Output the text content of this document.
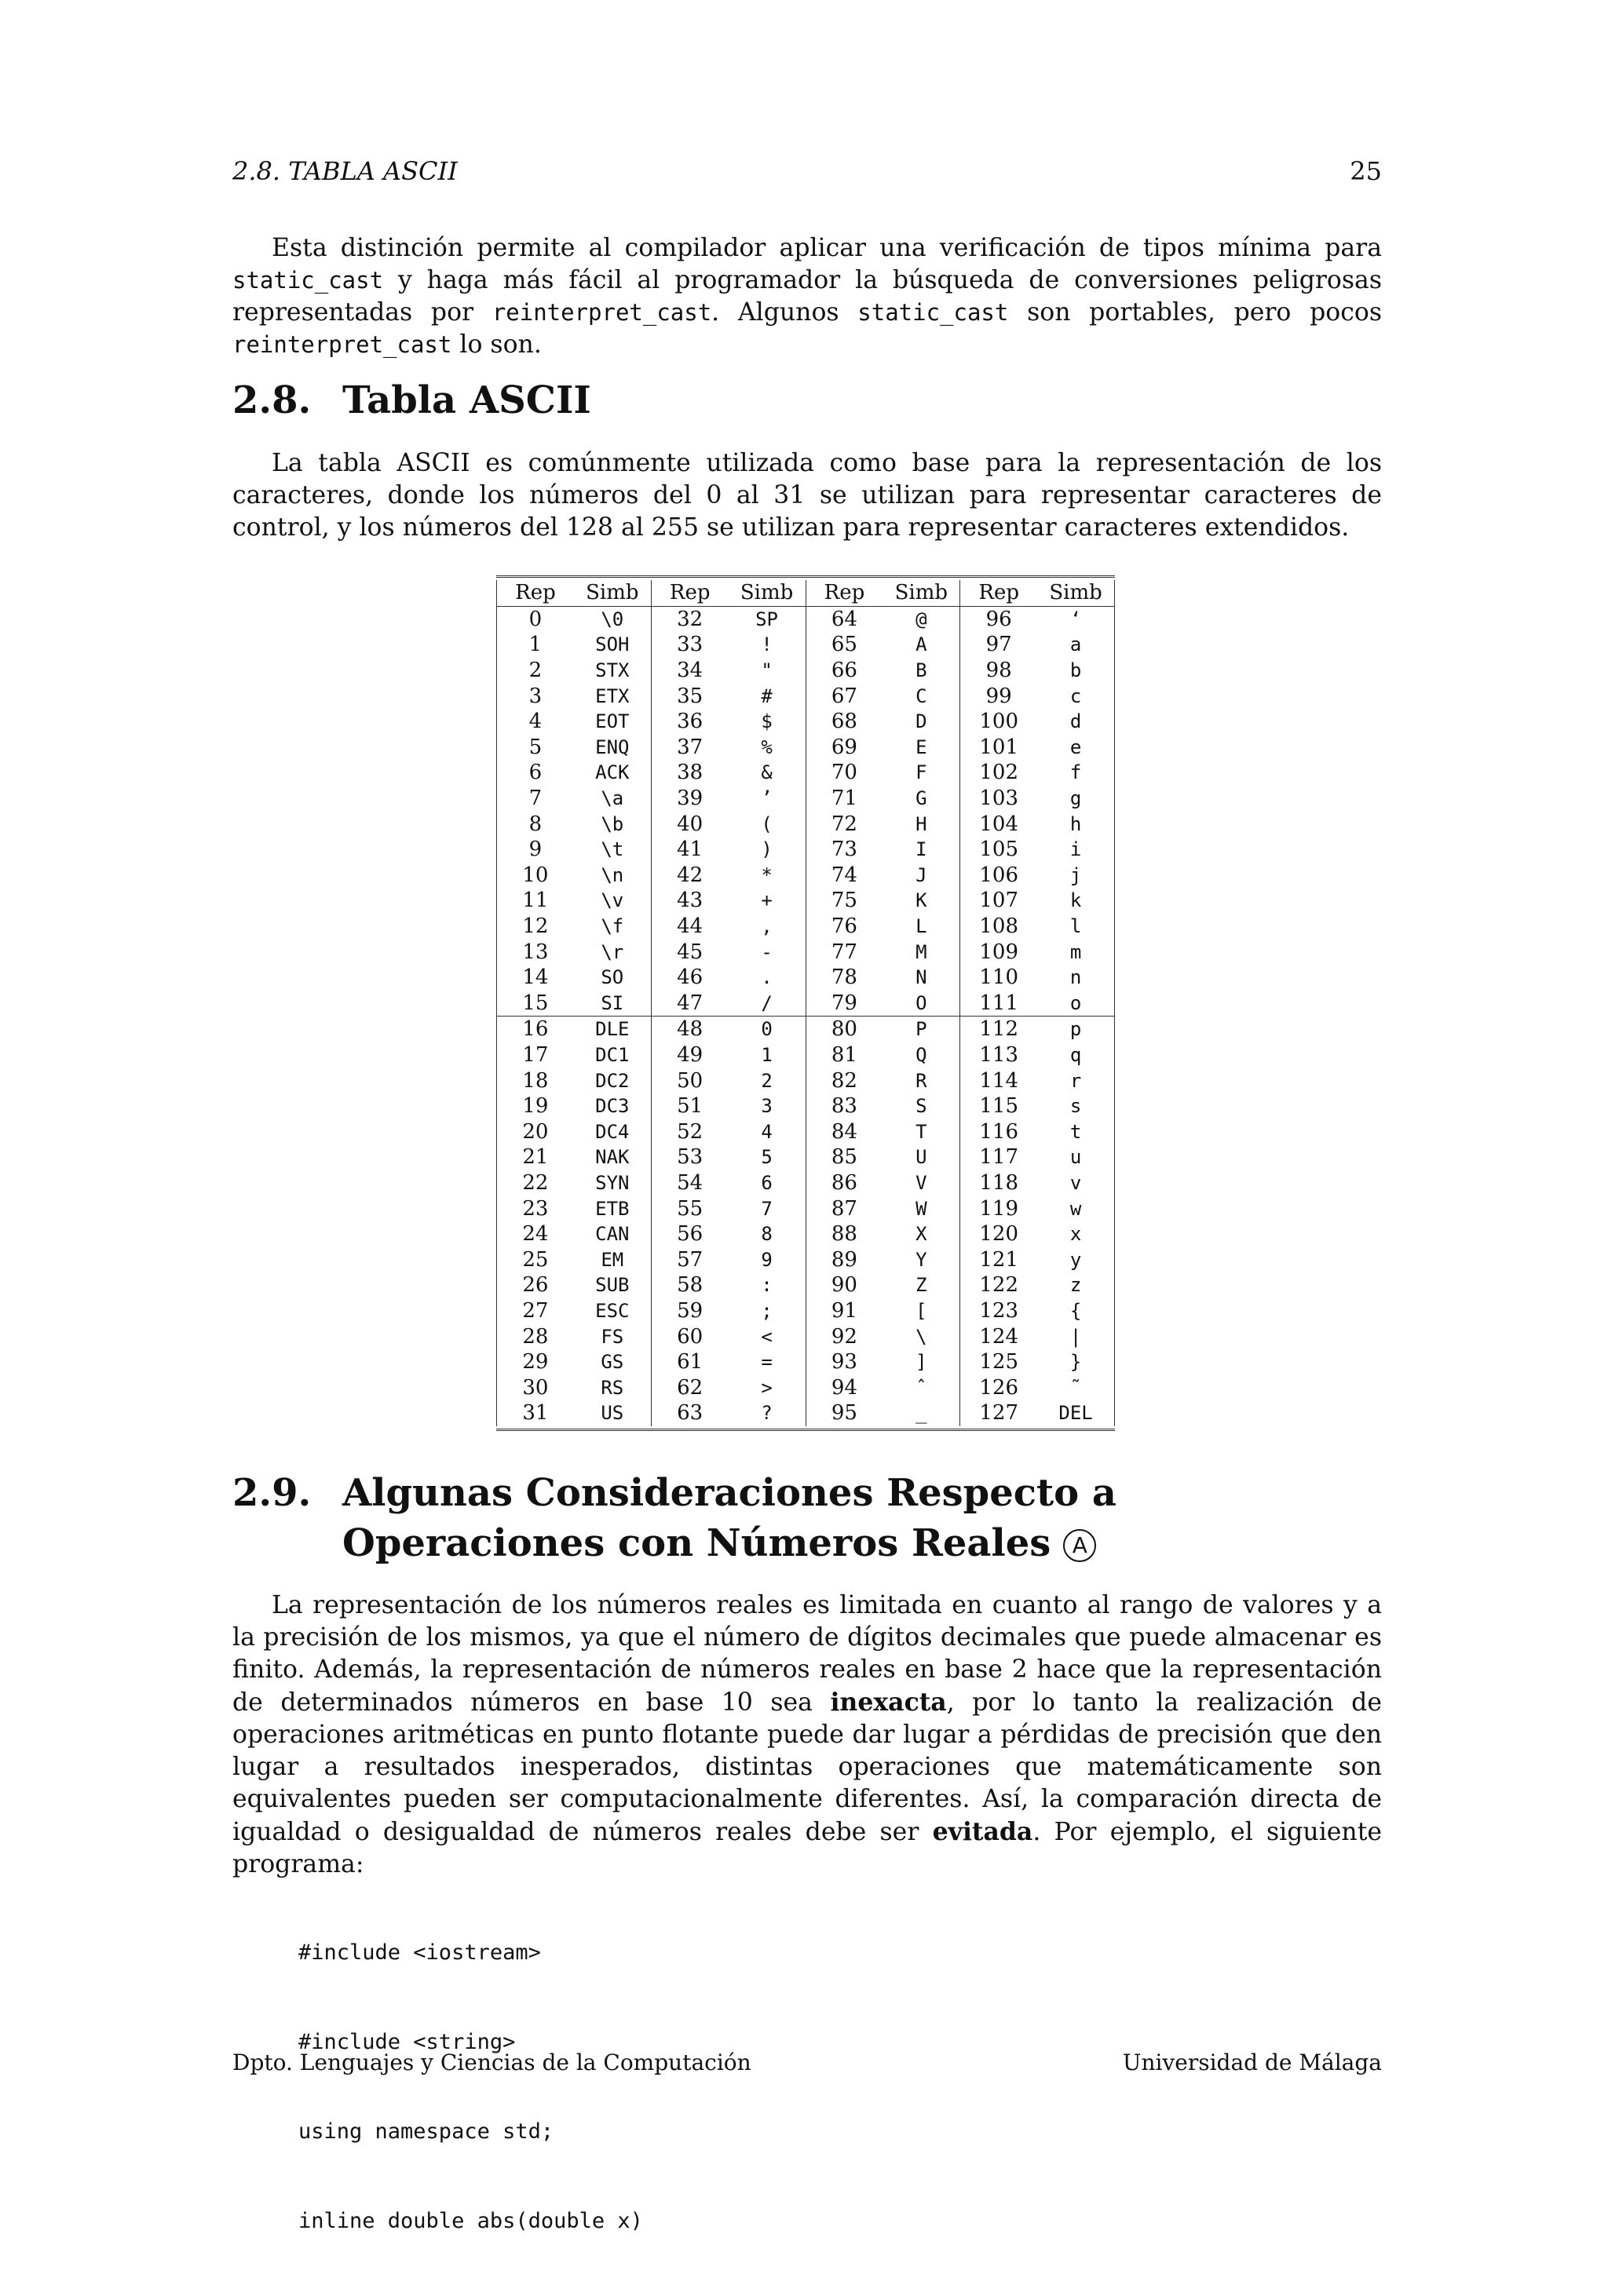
2.8. TABLA ASCII	25

Esta distinción permite al compilador aplicar una verificación de tipos mínima para static_cast y haga más fácil al programador la búsqueda de conversiones peligrosas representadas por reinterpret_cast. Algunos static_cast son portables, pero pocos reinterpret_cast lo son.

2.8. Tabla ASCII

La tabla ASCII es comúnmente utilizada como base para la representación de los caracteres, donde los números del 0 al 31 se utilizan para representar caracteres de control, y los números del 128 al 255 se utilizan para representar caracteres extendidos.

Rep	Simb	Rep	Simb	Rep	Simb	Rep	Simb
0	\0	32	SP	64	@	96	‘
1	SOH	33	!	65	A	97	a
2	STX	34	"	66	B	98	b
3	ETX	35	#	67	C	99	c
4	EOT	36	$	68	D	100	d
5	ENQ	37	%	69	E	101	e
6	ACK	38	&	70	F	102	f
7	\a	39	’	71	G	103	g
8	\b	40	(	72	H	104	h
9	\t	41	)	73	I	105	i
10	\n	42	*	74	J	106	j
11	\v	43	+	75	K	107	k
12	\f	44	,	76	L	108	l
13	\r	45	-	77	M	109	m
14	SO	46	.	78	N	110	n
15	SI	47	/	79	O	111	o
16	DLE	48	0	80	P	112	p
17	DC1	49	1	81	Q	113	q
18	DC2	50	2	82	R	114	r
19	DC3	51	3	83	S	115	s
20	DC4	52	4	84	T	116	t
21	NAK	53	5	85	U	117	u
22	SYN	54	6	86	V	118	v
23	ETB	55	7	87	W	119	w
24	CAN	56	8	88	X	120	x
25	EM	57	9	89	Y	121	y
26	SUB	58	:	90	Z	122	z
27	ESC	59	;	91	[	123	{
28	FS	60	<	92	\	124	|
29	GS	61	=	93	]	125	}
30	RS	62	>	94	ˆ	126	˜
31	US	63	?	95	_	127	DEL
2.9. Algunas Consideraciones Respecto a Operaciones con Números Reales A

La representación de los números reales es limitada en cuanto al rango de valores y a la precisión de los mismos, ya que el número de dígitos decimales que puede almacenar es finito. Además, la representación de números reales en base 2 hace que la representación de determinados números en base 10 sea inexacta, por lo tanto la realización de operaciones aritméticas en punto flotante puede dar lugar a pérdidas de precisión que den lugar a resultados inesperados, distintas operaciones que matemáticamente son equivalentes pueden ser computacionalmente diferentes. Así, la comparación directa de igualdad o desigualdad de números reales debe ser evitada. Por ejemplo, el siguiente programa:

#include <iostream>

#include <string>

using namespace std;

inline double abs(double x)

Dpto. Lenguajes y Ciencias de la Computación	Universidad de Málaga
